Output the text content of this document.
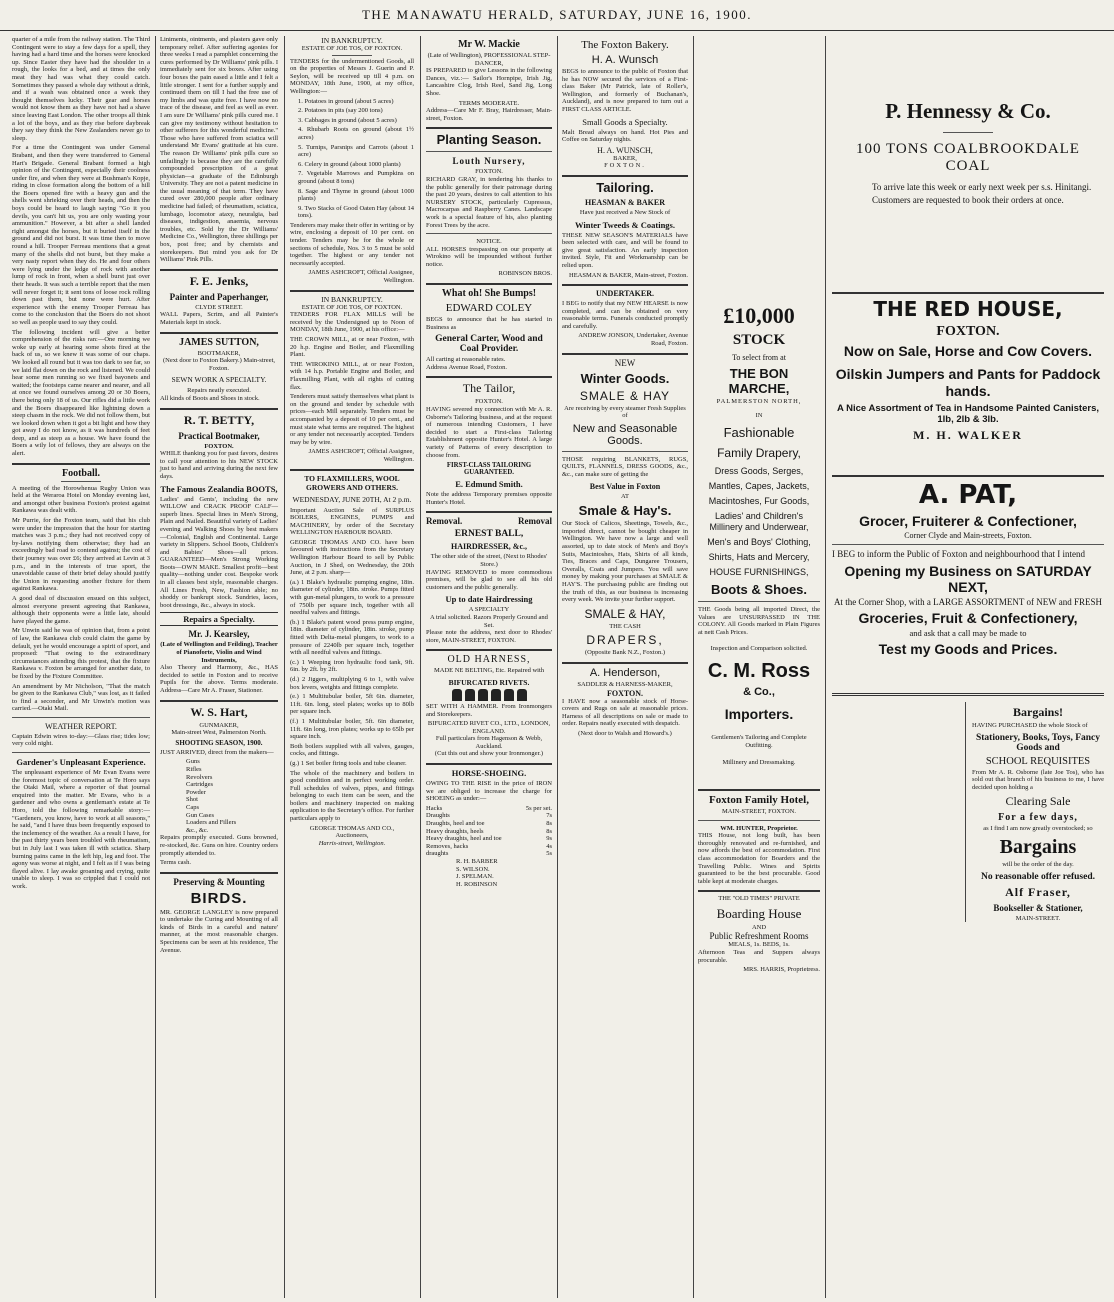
THE MANAWATU HERALD, SATURDAY, JUNE 16, 1900.

quarter of a mile from the railway station. The Third Contingent were to stay a few days for a spell, they having had a hard time and the horses were knocked up. Since Easter they have had the shoulder in a rough, the looks for a bed, and at times the only meat they had was what they could catch. Sometimes they passed a whole day without a drink, and if a wash was obtained once a week they thought themselves lucky. Their gear and horses would not know them as they have not had a shave since leaving East London. The other troops all think a lot of the boys, and as they rise before daybreak they say they think the New Zealanders never go to sleep.

For a time the Contingent was under General Brabant, and then they were transferred to General Hart's Brigade. General Brabant formed a high opinion of the Contingent, especially their coolness under fire, and when they were at Bushman's Kopje, riding in close formation along the bottom of a hill the Boers opened fire with a heavy gun and the shells went shrieking over their heads, and then the boys could be heard to laugh saying "Go it you devils, you can't hit us, you are only wasting your ammunition." However, a bit after a shell landed right amongst the horses, but it buried itself in the ground and did not burst. It was time then to move round a hill. Trooper Ferreau mentions that a great many of the shells did not burst, but they make a very nasty report when they do. He and four others were lying under the ledge of rock with another lump of rock in front, when a shell burst just over their heads. It was such a terrible report that the men will never forget it; it sent tons of loose rock rolling down past them, but none were hurt. After experience with the enemy Trooper Ferreau has come to the conclusion that the Boers do not shoot so well as people used to say they could.

The following incident will give a better comprehension of the risks ran:—One morning we woke up early at hearing some shots fired at the back of us, so we knew it was some of our chaps. We looked all round but it was too dark to see far, so we laid flat down on the rock and listened. We could hear some men running so we fixed bayonets and waited; the footsteps came nearer and nearer, and all at once we found ourselves among 20 or 30 Boers, there being only 18 of us. Our rifles did a little work and the Boers disappeared like lightning down a steep chasm in the rock. We did not follow them, but we looked down when it got a bit light and how they got away I do not know, as it was hundreds of feet deep, and as steep as a house. We have found the Boers a wily lot of fellows, they are always on the alert.

Football.

A meeting of the Horowhenua Rugby Union was held at the Weraroa Hotel on Monday evening last, and amongst other business Foxton's protest against Rankawa was dealt with.

Mr Purrie, for the Foxton team, said that his club were under the impression that the hour for starting matches was 3 p.m.; they had not received copy of by-laws notifying them otherwise; they had an exceedingly bad road to contend against; the cost of their journey was over £6; they arrived at Levin at 3 p.m., and in the interests of true sport, the unavoidable cause of their brief delay should justify the Union in requesting another fixture for them against Rankawa.

A good deal of discussion ensued on this subject, almost everyone present agreeing that Rankawa, although their opponents were a little late, should have played the game.

Mr Unwin said he was of opinion that, from a point of law, the Rankawa club could claim the game by default, yet he would encourage a spirit of sport, and proposed: "That owing to the extraordinary circumstances attending this protest, that the fixture Rankawa v. Foxton be arranged for another date, to be fixed by the Fixture Committee.

An amendment by Mr Nicholson, "That the match be given to the Rankawa Club," was lost, as it failed to find a seconder, and Mr Unwin's motion was carried.—Otaki Mail.

WEATHER REPORT.

Captain Edwin wires to-day:—Glass rise; tides low; very cold night.

Gardener's Unpleasant Experience.

The unpleasant experience of Mr Evan Evans were the foremost topic of conversation at Te Horo says the Otaki Mail, where a reporter of that journal enquired into the matter. Mr Evans, who is a gardener and who owns a gentleman's estate at Te Horo, told the following remarkable story:— "Gardeners, you know, have to work at all seasons," he said, "and I have thus been frequently exposed to the inclemency of the weather. As a result I have, for the past thirty years been troubled with rheumatism, but in July last I was taken ill with sciatica. Sharp burning pains came in the left hip, leg and foot. The agony was worse at night, and I felt as if I was being flayed alive. I lay awake groaning and crying, quite unable to sleep. I was so crippled that I could not work.

Liniments, ointments, and plasters gave only temporary relief. After suffering agonies for three weeks I read a pamphlet concerning the cures performed by Dr Williams' pink pills. I immediately sent for six boxes. After using four boxes the pain eased a little and I felt a little stronger. I sent for a further supply and continued them on till I had the free use of my limbs and was quite free. I have now no trace of the disease, and feel as well as ever. I am sure Dr Williams' pink pills cured me. I can give my testimony without hesitation to other sufferers for this wonderful medicine." Those who have suffered from sciatica will understand Mr Evans' gratitude at his cure. The reason Dr Williams' pink pills cure so unfailingly is because they are the carefully compounded prescription of a great physician—a graduate of the Edinburgh University. They are not a patent medicine in the usual meaning of that term. They have cured over 280,000 people after ordinary medicine had failed; of rheumatism, sciatica, lumbago, locomotor ataxy, neuralgia, bad diseases, indigestion, anaemia, nervous troubles, etc. Sold by the Dr Williams' Medicine Co., Wellington, three shillings per box, post free; and by chemists and storekeepers. But mind you ask for Dr Williams' Pink Pills.

F. E. Jenks,
Painter and Paperhanger,
CLYDE STREET.

WALL Papers, Scrim, and all Painter's Materials kept in stock.

JAMES SUTTON,
BOOTMAKER,
(Next door to Foxton Bakery.) Main-street, Foxton.
SEWN WORK A SPECIALTY.
Repairs neatly executed.

All kinds of Boots and Shoes in stock.

R. T. BETTY,
Practical Bootmaker,
FOXTON.

WHILE thanking you for past favors, desires to call your attention to his NEW STOCK just to hand and arriving during the next few days.

The Famous Zealandia BOOTS,

Ladies' and Gents', including the new WILLOW and CRACK PROOF CALF—superb lines. Special lines in Men's Strong, Plain and Nailed. Beautiful variety of Ladies' evening and Walking Shoes by best makers—Colonial, English and Continental. Large variety in Slippers. School Boots, Children's and Babies' Shoes—all prices. GUARANTEED—Men's Strong Working Boots—OWN MAKE. Smallest profit—best quality—nothing under cost. Bespoke work in all classes best style, reasonable charges. All Lines Fresh, New, Fashion able; no shoddy or bankrupt stock. Sundries, laces, boot dressings, &c., always in stock.

Repairs a Specialty.
Mr. J. Kearsley,
(Late of Wellington and Feilding), Teacher of Pianoforte, Violin and Wind Instruments,

Also Theory and Harmony, &c., HAS decided to settle in Foxton and to receive Pupils for the above. Terms moderate. Address—Care Mr A. Fraser, Stationer.

W. S. Hart,
GUNMAKER,
Main-street West, Palmerston North.
SHOOTING SEASON, 1900.

JUST ARRIVED, direct from the makers—

Guns
Rifles
Revolvers
Cartridges
Powder
Shot
Caps
Gun Cases
Loaders and Fillers
&c., &c.

Repairs promptly executed. Guns browned, re-stocked, &c. Guns on hire. Country orders promptly attended to.

Terms cash.
Preserving & Mounting
BIRDS.

MR. GEORGE LANGLEY is now prepared to undertake the Curing and Mounting of all kinds of Birds in a careful and nature' manner, at the most reasonable charges. Specimens can be seen at his residence, The Avenue.

IN BANKRUPTCY.
ESTATE OF JOE TOS, OF FOXTON.

TENDERS for the undermentioned Goods, all on the properties of Messrs J. Guerin and P. Seylon, will be received up till 4 p.m. on MONDAY, 18th June, 1900, at my office, Wellington:—

1. Potatoes in ground (about 5 acres)

2. Potatoes in pits (say 200 tons)

3. Cabbages in ground (about 5 acres)

4. Rhubarb Roots on ground (about 1½ acres)

5. Turnips, Parsnips and Carrots (about 1 acre)

6. Celery in ground (about 1000 plants)

7. Vegetable Marrows and Pumpkins on ground (about 8 tons)

8. Sage and Thyme in ground (about 1000 plants)

9. Two Stacks of Good Oaten Hay (about 14 tons).

Tenderers may make their offer in writing or by wire, enclosing a deposit of 10 per cent. on tender. Tenders may be for the whole or sections of schedule, Nos. 3 to 5 must be sold together. The highest or any tender not necessarily accepted.

JAMES ASHCROFT, Official Assignee, Wellington.
IN BANKRUPTCY.
ESTATE OF JOE TOS, OF FOXTON.

TENDERS FOR FLAX MILLS will be received by the Undersigned up to Noon of MONDAY, 18th June, 1900, at his office:—

THE CROWN MILL, at or near Foxton, with 20 h.p. Engine and Boiler, and Flaxmilling Plant.

THE WIROKINO MILL, at or near Foxton, with 14 h.p. Portable Engine and Boiler, and Flaxmilling Plant, with all rights of cutting flax.

Tenderers must satisfy themselves what plant is on the ground and tender by schedule with prices—each Mill separately. Tenders must be accompanied by a deposit of 10 per cent., and must state what terms are required. The highest or any tender not necessarily accepted. Tenders may be by wire.

JAMES ASHCROFT, Official Assignee, Wellington.
TO FLAXMILLERS, WOOL GROWERS AND OTHERS.
WEDNESDAY, JUNE 20TH, At 2 p.m.

Important Auction Sale of SURPLUS BOILERS, ENGINES, PUMPS and MACHINERY, by order of the Secretary WELLINGTON HARBOUR BOARD.

GEORGE THOMAS AND CO. have been favoured with instructions from the Secretary Wellington Harbour Board to sell by Public Auction, in J Shed, on Wednesday, the 20th June, at 2 p.m. sharp—

(a.) 1 Blake's hydraulic pumping engine, 18in. diameter of cylinder, 18in. stroke. Pumps fitted with gun-metal plungers, to work to a pressure of 750lb per square inch, together with all needful valves and fittings.

(b.) 1 Blake's patent wood press pump engine, 18in. diameter of cylinder, 18in. stroke, pump fitted with Delta-metal plungers, to work to a pressure of 2240lb per square inch, together with all needful valves and fittings.

(c.) 1 Weeping iron hydraulic food tank, 9ft. 6in. by 2ft. by 2ft.

(d.) 2 Jiggers, multiplying 6 to 1, with valve box levers, weights and fittings complete.

(e.) 1 Multitubular boiler, 5ft 6in. diameter, 11ft. 6in. long, steel plates; works up to 80lb per square inch.

(f.) 1 Multitubular boiler, 5ft. 6in diameter, 11ft. 6in long, iron plates; works up to 65lb per square inch.

Both boilers supplied with all valves, gauges, cocks, and fittings.

(g.) 1 Set boiler firing tools and tube cleaner.

The whole of the machinery and boilers in good condition and in perfect working order. Full schedules of valves, pipes, and fittings belonging to each item can be seen, and the boilers and machinery inspected on making application to the Secretary's office. For further particulars apply to

GEORGE THOMAS AND CO.,
Auctioneers,
Harris-street, Wellington.
Mr W. Mackie
(Late of Wellington), PROFESSIONAL STEP-DANCER,

IS PREPARED to give Lessons in the following Dances, viz.:— Sailor's Hornpipe, Irish Jig, Lancashire Clog, Irish Reel, Sand Jig, Long Shoe.

TERMS MODERATE.

Address—Care Mr F. Bray, Hairdresser, Main-street, Foxton.

Planting Season.
Louth Nursery,
FOXTON.

RICHARD GRAY, in tendering his thanks to the public generally for their patronage during the past 20 years, desires to call attention to his NURSERY STOCK, particularly Cupressus, Macrocarpas and Raspberry Canes. Landscape work is a special feature of his, also planting Forest Trees by the acre.

NOTICE.

ALL HORSES trespassing on our property at Wirokino will be impounded without further notice.

ROBINSON BROS.
What oh! She Bumps!
EDWARD COLEY

BEGS to announce that he has started in Business as

General Carter, Wood and Coal Provider.
All carting at reasonable rates.
Address Avenue Road, Foxton.
The Tailor,
FOXTON.

HAVING severed my connection with Mr A. R. Osborne's Tailoring business, and at the request of numerous intending Customers, I have decided to start a First-class Tailoring Establishment opposite Hunter's Hotel. A large variety of Patterns of every description to choose from.

FIRST-CLASS TAILORING GUARANTEED.
E. Edmund Smith.

Note the address Temporary premises opposite Hunter's Hotel.

Removal.	Removal
ERNEST BALL,
HAIRDRESSER, &c.,
The other side of the street, (Next to Rhodes' Store.)

HAVING REMOVED to more commodious premises, will be glad to see all his old customers and the public generally.

Up to date Hairdressing
A SPECIALTY
A trial solicited. Razors Properly Ground and Set.

Please note the address, next door to Rhodes' store, MAIN-STREET, FOXTON.

OLD HARNESS,
MADE NE BELTING, Etc. Repaired with
BIFURCATED RIVETS.

SET WITH A HAMMER. From Ironmongers and Storekeepers.

BIFURCATED RIVET CO., LTD., LONDON, ENGLAND.
Full particulars from Hagenson & Webb, Auckland.
(Cut this out and show your Ironmonger.)
HORSE-SHOEING.

OWING TO THE RISE in the price of IRON we are obliged to increase the charge for SHOEING as under:—

Hacks	5s per set.
Draughts	7s
Draughts, heel and toe	8s
Heavy draughts, heels	8s
Heavy draughts, heel and toe	9s
Removes, hacks	4s
draughts	5s
R. H. BARBER
S. WILSON.
J. SPELMAN.
H. ROBINSON
The Foxton Bakery.
H. A. Wunsch

BEGS to announce to the public of Foxton that he has NOW secured the services of a First-class Baker (Mr Patrick, late of Roller's, Wellington, and formerly of Buchanan's, Auckland), and is now prepared to turn out a FIRST CLASS ARTICLE.

Small Goods a Specialty.

Malt Bread always on hand. Hot Pies and Coffee on Saturday nights.

H. A. WUNSCH,
BAKER,
FOXTON.
Tailoring.
HEASMAN & BAKER
Have just received a New Stock of
Winter Tweeds & Coatings.

THESE NEW SEASON'S MATERIALS have been selected with care, and will be found to give great satisfaction. An early inspection invited. Style, Fit and Workmanship can be relied upon.

HEASMAN & BAKER, Main-street, Foxton.
UNDERTAKER.

I BEG to notify that my NEW HEARSE is now completed, and can be obtained on very reasonable terms. Funerals conducted promptly and carefully.

ANDREW JONSON, Undertaker, Avenue Road, Foxton.
NEW
Winter Goods.
SMALE & HAY
Are receiving by every steamer Fresh Supplies of
New and Seasonable Goods.

THOSE requiring BLANKETS, RUGS, QUILTS, FLANNELS, DRESS GOODS, &c., &c., can make sure of getting the

Best Value in Foxton
AT
Smale & Hay's.

Our Stock of Calicos, Sheetings, Towels, &c., imported direct, cannot be bought cheaper in Wellington. We have now a large and well assorted, up to date stock of Men's and Boy's Suits, Macintoshes, Hats, Shirts of all kinds, Ties, Braces and Caps, Dungaree Trousers, Overalls, Coats and Jumpers. You will save money by making your purchases at SMALE & HAY'S. The purchasing public are finding out the truth of this, as our business is increasing every week. We invite your further support.

SMALE & HAY,
THE CASH
DRAPERS,
(Opposite Bank N.Z., Foxton.)
A. Henderson,
SADDLER & HARNESS-MAKER,
FOXTON.

I HAVE now a seasonable stock of Horse-covers and Rugs on sale at reasonable prices. Harness of all descriptions on sale or made to order. Repairs neatly executed with despatch.

(Next door to Walsh and Howard's.)
£10,000
STOCK
To select from at
THE BON MARCHE,
PALMERSTON NORTH,
IN
Fashionable
Family Drapery,
Dress Goods, Serges,
Mantles, Capes, Jackets,
Macintoshes, Fur Goods,
Ladies' and Children's Millinery and Underwear,
Men's and Boys' Clothing,
Shirts, Hats and Mercery,
HOUSE FURNISHINGS,
Boots & Shoes.

THE Goods being all imported Direct, the Values are UNSURPASSED IN THE COLONY. All Goods marked in Plain Figures at nett Cash Prices.

Inspection and Comparison solicited.
C. M. Ross
& Co.,
Importers.
Gentlemen's Tailoring and Complete Outfitting.
Millinery and Dressmaking.
Foxton Family Hotel,
MAIN-STREET, FOXTON.
WM. HUNTER, Proprietor.

THIS House, not long built, has been thoroughly renovated and re-furnished, and now affords the best of accommodation. First class accommodation for Boarders and the Travelling Public. Wines and Spirits guaranteed to be the best procurable. Good table kept at moderate charges.

THE "OLD TIMES" PRIVATE
Boarding House
AND
Public Refreshment Rooms
MEALS, 1s. BEDS, 1s.

Afternoon Teas and Suppers always procurable.

MRS. HARRIS, Proprietress.
P. Hennessy & Co.
100 TONS COALBROOKDALE
COAL

To arrive late this week or early next week per s.s. Hinitangi. Customers are requested to book their orders at once.

THE RED HOUSE,
FOXTON.
Now on Sale, Horse and Cow Covers.
Oilskin Jumpers and Pants for Paddock hands.
A Nice Assortment of Tea in Handsome Painted Canisters, 1lb, 2lb & 3lb.
M. H. WALKER
A. PAT,
Grocer, Fruiterer & Confectioner,
Corner Clyde and Main-streets, Foxton.

I BEG to inform the Public of Foxton and neighbourhood that I intend

Opening my Business on SATURDAY NEXT,
At the Corner Shop, with a LARGE ASSORTMENT of NEW and FRESH
Groceries, Fruit & Confectionery,
and ask that a call may be made to
Test my Goods and Prices.
Bargains!

HAVING PURCHASED the whole Stock of

Stationery, Books, Toys, Fancy Goods and
SCHOOL REQUISITES

From Mr A. R. Osborne (late Joe Tos), who has sold out that branch of his business to me, I have decided upon holding a

Clearing Sale
For a few days,
as I find I am now greatly overstocked; so
Bargains
will be the order of the day.
No reasonable offer refused.
Alf Fraser,
Bookseller & Stationer,
MAIN-STREET.
